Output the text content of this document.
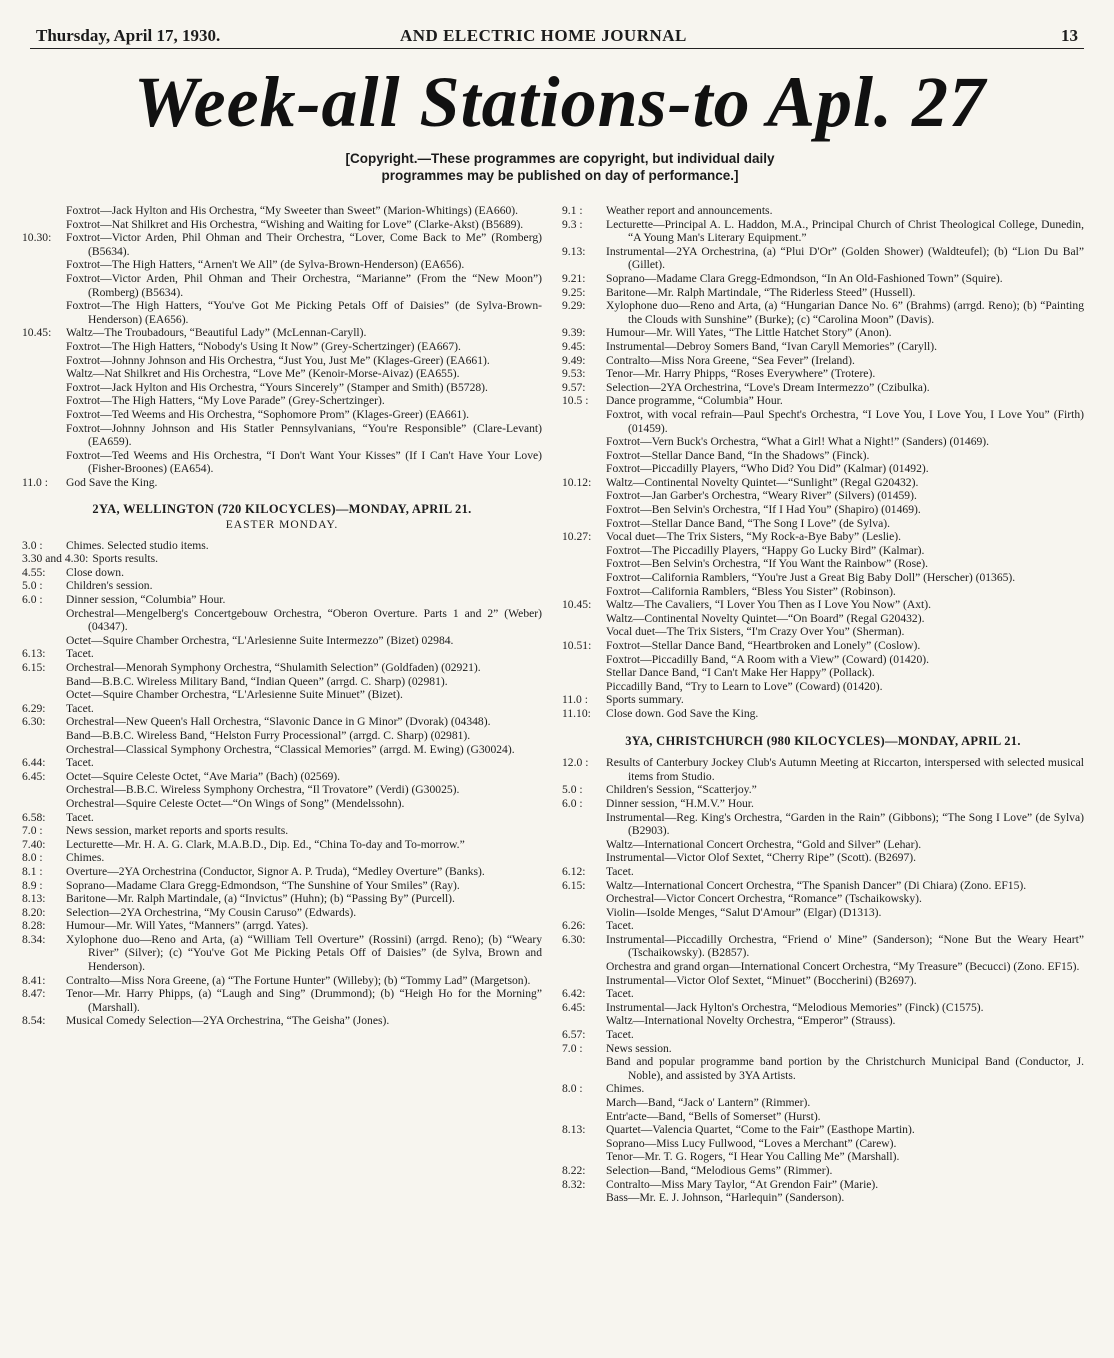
Thursday, April 17, 1930.	AND ELECTRIC HOME JOURNAL	13
Week-all Stations-to Apl. 27
[Copyright.—These programmes are copyright, but individual daily programmes may be published on day of performance.]
Foxtrot—Jack Hylton and His Orchestra, “My Sweeter than Sweet” (Marion-Whitings) (EA660).
Foxtrot—Nat Shilkret and His Orchestra, “Wishing and Waiting for Love” (Clarke-Akst) (B5689).
10.30:	Foxtrot—Victor Arden, Phil Ohman and Their Orchestra, “Lover, Come Back to Me” (Romberg) (B5634).
Foxtrot—The High Hatters, “Arnen't We All” (de Sylva-Brown-Henderson) (EA656).
Foxtrot—Victor Arden, Phil Ohman and Their Orchestra, “Marianne” (From the “New Moon”) (Romberg) (B5634).
Foxtrot—The High Hatters, “You've Got Me Picking Petals Off of Daisies” (de Sylva-Brown-Henderson) (EA656).
10.45:	Waltz—The Troubadours, “Beautiful Lady” (McLennan-Caryll).
Foxtrot—The High Hatters, “Nobody's Using It Now” (Grey-Schertzinger) (EA667).
Foxtrot—Johnny Johnson and His Orchestra, “Just You, Just Me” (Klages-Greer) (EA661).
Waltz—Nat Shilkret and His Orchestra, “Love Me” (Kenoir-Morse-Aivaz) (EA655).
Foxtrot—Jack Hylton and His Orchestra, “Yours Sincerely” (Stamper and Smith) (B5728).
Foxtrot—The High Hatters, “My Love Parade” (Grey-Schertzinger).
Foxtrot—Ted Weems and His Orchestra, “Sophomore Prom” (Klages-Greer) (EA661).
Foxtrot—Johnny Johnson and His Statler Pennsylvanians, “You're Responsible” (Clare-Levant) (EA659).
Foxtrot—Ted Weems and His Orchestra, “I Don't Want Your Kisses” (If I Can't Have Your Love) (Fisher-Broones) (EA654).
11.0 :	God Save the King.
2YA, WELLINGTON (720 KILOCYCLES)—MONDAY, APRIL 21.
EASTER MONDAY.
3.0 :	Chimes. Selected studio items.
3.30 and 4.30: Sports results.
4.55:	Close down.
5.0 :	Children's session.
6.0 :	Dinner session, “Columbia” Hour.
Orchestral—Mengelberg's Concertgebouw Orchestra, “Oberon Overture. Parts 1 and 2” (Weber) (04347).
Octet—Squire Chamber Orchestra, “L'Arlesienne Suite Intermezzo” (Bizet) 02984.
6.13:	Tacet.
6.15:	Orchestral—Menorah Symphony Orchestra, “Shulamith Selection” (Goldfaden) (02921).
Band—B.B.C. Wireless Military Band, “Indian Queen” (arrgd. C. Sharp) (02981).
Octet—Squire Chamber Orchestra, “L'Arlesienne Suite Minuet” (Bizet).
6.29:	Tacet.
6.30:	Orchestral—New Queen's Hall Orchestra, “Slavonic Dance in G Minor” (Dvorak) (04348).
Band—B.B.C. Wireless Band, “Helston Furry Processional” (arrgd. C. Sharp) (02981).
Orchestral—Classical Symphony Orchestra, “Classical Memories” (arrgd. M. Ewing) (G30024).
6.44:	Tacet.
6.45:	Octet—Squire Celeste Octet, “Ave Maria” (Bach) (02569).
Orchestral—B.B.C. Wireless Symphony Orchestra, “Il Trovatore” (Verdi) (G30025).
Orchestral—Squire Celeste Octet—“On Wings of Song” (Mendelssohn).
6.58:	Tacet.
7.0 :	News session, market reports and sports results.
7.40:	Lecturette—Mr. H. A. G. Clark, M.A.B.D., Dip. Ed., “China To-day and To-morrow.”
8.0 :	Chimes.
8.1 :	Overture—2YA Orchestrina (Conductor, Signor A. P. Truda), “Medley Overture” (Banks).
8.9 :	Soprano—Madame Clara Gregg-Edmondson, “The Sunshine of Your Smiles” (Ray).
8.13:	Baritone—Mr. Ralph Martindale, (a) “Invictus” (Huhn); (b) “Passing By” (Purcell).
8.20:	Selection—2YA Orchestrina, “My Cousin Caruso” (Edwards).
8.28:	Humour—Mr. Will Yates, “Manners” (arrgd. Yates).
8.34:	Xylophone duo—Reno and Arta, (a) “William Tell Overture” (Rossini) (arrgd. Reno); (b) “Weary River” (Silver); (c) “You've Got Me Picking Petals Off of Daisies” (de Sylva, Brown and Henderson).
8.41:	Contralto—Miss Nora Greene, (a) “The Fortune Hunter” (Willeby); (b) “Tommy Lad” (Margetson).
8.47:	Tenor—Mr. Harry Phipps, (a) “Laugh and Sing” (Drummond); (b) “Heigh Ho for the Morning” (Marshall).
8.54:	Musical Comedy Selection—2YA Orchestrina, “The Geisha” (Jones).
9.1 :	Weather report and announcements.
9.3 :	Lecturette—Principal A. L. Haddon, M.A., Principal Church of Christ Theological College, Dunedin, “A Young Man's Literary Equipment.”
9.13:	Instrumental—2YA Orchestrina, (a) “Plui D'Or” (Golden Shower) (Waldteufel); (b) “Lion Du Bal” (Gillet).
9.21:	Soprano—Madame Clara Gregg-Edmondson, “In An Old-Fashioned Town” (Squire).
9.25:	Baritone—Mr. Ralph Martindale, “The Riderless Steed” (Hussell).
9.29:	Xylophone duo—Reno and Arta, (a) “Hungarian Dance No. 6” (Brahms) (arrgd. Reno); (b) “Painting the Clouds with Sunshine” (Burke); (c) “Carolina Moon” (Davis).
9.39:	Humour—Mr. Will Yates, “The Little Hatchet Story” (Anon).
9.45:	Instrumental—Debroy Somers Band, “Ivan Caryll Memories” (Caryll).
9.49:	Contralto—Miss Nora Greene, “Sea Fever” (Ireland).
9.53:	Tenor—Mr. Harry Phipps, “Roses Everywhere” (Trotere).
9.57:	Selection—2YA Orchestrina, “Love's Dream Intermezzo” (Czibulka).
10.5 :	Dance programme, “Columbia” Hour.
Foxtrot, with vocal refrain—Paul Specht's Orchestra, “I Love You, I Love You, I Love You” (Firth) (01459).
Foxtrot—Vern Buck's Orchestra, “What a Girl! What a Night!” (Sanders) (01469).
Foxtrot—Stellar Dance Band, “In the Shadows” (Finck).
Foxtrot—Piccadilly Players, “Who Did? You Did” (Kalmar) (01492).
10.12:	Waltz—Continental Novelty Quintet—“Sunlight” (Regal G20432).
Foxtrot—Jan Garber's Orchestra, “Weary River” (Silvers) (01459).
Foxtrot—Ben Selvin's Orchestra, “If I Had You” (Shapiro) (01469).
Foxtrot—Stellar Dance Band, “The Song I Love” (de Sylva).
10.27:	Vocal duet—The Trix Sisters, “My Rock-a-Bye Baby” (Leslie).
Foxtrot—The Piccadilly Players, “Happy Go Lucky Bird” (Kalmar).
Foxtrot—Ben Selvin's Orchestra, “If You Want the Rainbow” (Rose).
Foxtrot—California Ramblers, “You're Just a Great Big Baby Doll” (Herscher) (01365).
Foxtrot—California Ramblers, “Bless You Sister” (Robinson).
10.45:	Waltz—The Cavaliers, “I Lover You Then as I Love You Now” (Axt).
Waltz—Continental Novelty Quintet—“On Board” (Regal G20432).
Vocal duet—The Trix Sisters, “I'm Crazy Over You” (Sherman).
10.51:	Foxtrot—Stellar Dance Band, “Heartbroken and Lonely” (Coslow).
Foxtrot—Piccadilly Band, “A Room with a View” (Coward) (01420).
Stellar Dance Band, “I Can't Make Her Happy” (Pollack).
Piccadilly Band, “Try to Learn to Love” (Coward) (01420).
11.0 :	Sports summary.
11.10:	Close down. God Save the King.
3YA, CHRISTCHURCH (980 KILOCYCLES)—MONDAY, APRIL 21.
12.0 :	Results of Canterbury Jockey Club's Autumn Meeting at Riccarton, interspersed with selected musical items from Studio.
5.0 :	Children's Session, “Scatterjoy.”
6.0 :	Dinner session, “H.M.V.” Hour.
Instrumental—Reg. King's Orchestra, “Garden in the Rain” (Gibbons); “The Song I Love” (de Sylva) (B2903).
Waltz—International Concert Orchestra, “Gold and Silver” (Lehar).
Instrumental—Victor Olof Sextet, “Cherry Ripe” (Scott). (B2697).
6.12:	Tacet.
6.15:	Waltz—International Concert Orchestra, “The Spanish Dancer” (Di Chiara) (Zono. EF15).
Orchestral—Victor Concert Orchestra, “Romance” (Tschaikowsky).
Violin—Isolde Menges, “Salut D'Amour” (Elgar) (D1313).
6.26:	Tacet.
6.30:	Instrumental—Piccadilly Orchestra, “Friend o' Mine” (Sanderson); “None But the Weary Heart” (Tschaikowsky). (B2857).
Orchestra and grand organ—International Concert Orchestra, “My Treasure” (Becucci) (Zono. EF15).
Instrumental—Victor Olof Sextet, “Minuet” (Boccherini) (B2697).
6.42:	Tacet.
6.45:	Instrumental—Jack Hylton's Orchestra, “Melodious Memories” (Finck) (C1575).
Waltz—International Novelty Orchestra, “Emperor” (Strauss).
6.57:	Tacet.
7.0 :	News session.
Band and popular programme band portion by the Christchurch Municipal Band (Conductor, J. Noble), and assisted by 3YA Artists.
8.0 :	Chimes.
March—Band, “Jack o' Lantern” (Rimmer).
Entr'acte—Band, “Bells of Somerset” (Hurst).
8.13:	Quartet—Valencia Quartet, “Come to the Fair” (Easthope Martin).
Soprano—Miss Lucy Fullwood, “Loves a Merchant” (Carew).
Tenor—Mr. T. G. Rogers, “I Hear You Calling Me” (Marshall).
8.22:	Selection—Band, “Melodious Gems” (Rimmer).
8.32:	Contralto—Miss Mary Taylor, “At Grendon Fair” (Marie).
Bass—Mr. E. J. Johnson, “Harlequin” (Sanderson).
